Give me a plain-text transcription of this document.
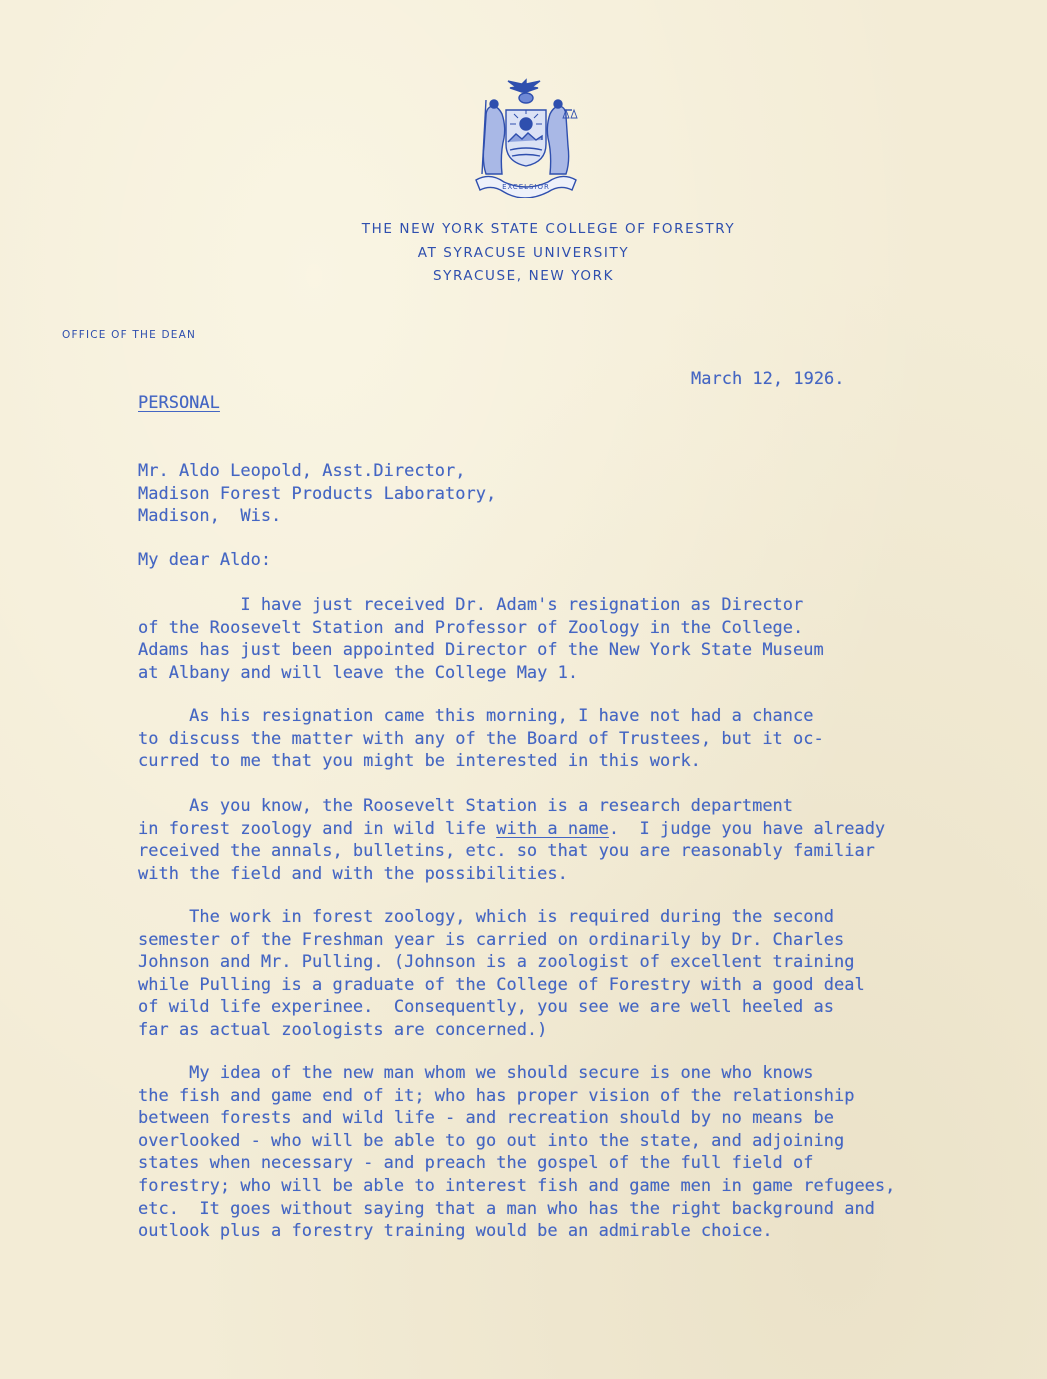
EXCELSIOR
THE NEW YORK STATE COLLEGE OF FORESTRY
AT SYRACUSE UNIVERSITY
SYRACUSE, NEW YORK
OFFICE OF THE DEAN
March 12, 1926.
PERSONAL
Mr. Aldo Leopold, Asst.Director,
Madison Forest Products Laboratory,
Madison,  Wis.
My dear Aldo:
I have just received Dr. Adam's resignation as Director
of the Roosevelt Station and Professor of Zoology in the College.
Adams has just been appointed Director of the New York State Museum
at Albany and will leave the College May 1.
As his resignation came this morning, I have not had a chance
to discuss the matter with any of the Board of Trustees, but it oc-
curred to me that you might be interested in this work.
As you know, the Roosevelt Station is a research department
in forest zoology and in wild life with a name.  I judge you have already
received the annals, bulletins, etc. so that you are reasonably familiar
with the field and with the possibilities.
The work in forest zoology, which is required during the second
semester of the Freshman year is carried on ordinarily by Dr. Charles
Johnson and Mr. Pulling. (Johnson is a zoologist of excellent training
while Pulling is a graduate of the College of Forestry with a good deal
of wild life experinee.  Consequently, you see we are well heeled as
far as actual zoologists are concerned.)
My idea of the new man whom we should secure is one who knows
the fish and game end of it; who has proper vision of the relationship
between forests and wild life - and recreation should by no means be
overlooked - who will be able to go out into the state, and adjoining
states when necessary - and preach the gospel of the full field of
forestry; who will be able to interest fish and game men in game refugees,
etc.  It goes without saying that a man who has the right background and
outlook plus a forestry training would be an admirable choice.
